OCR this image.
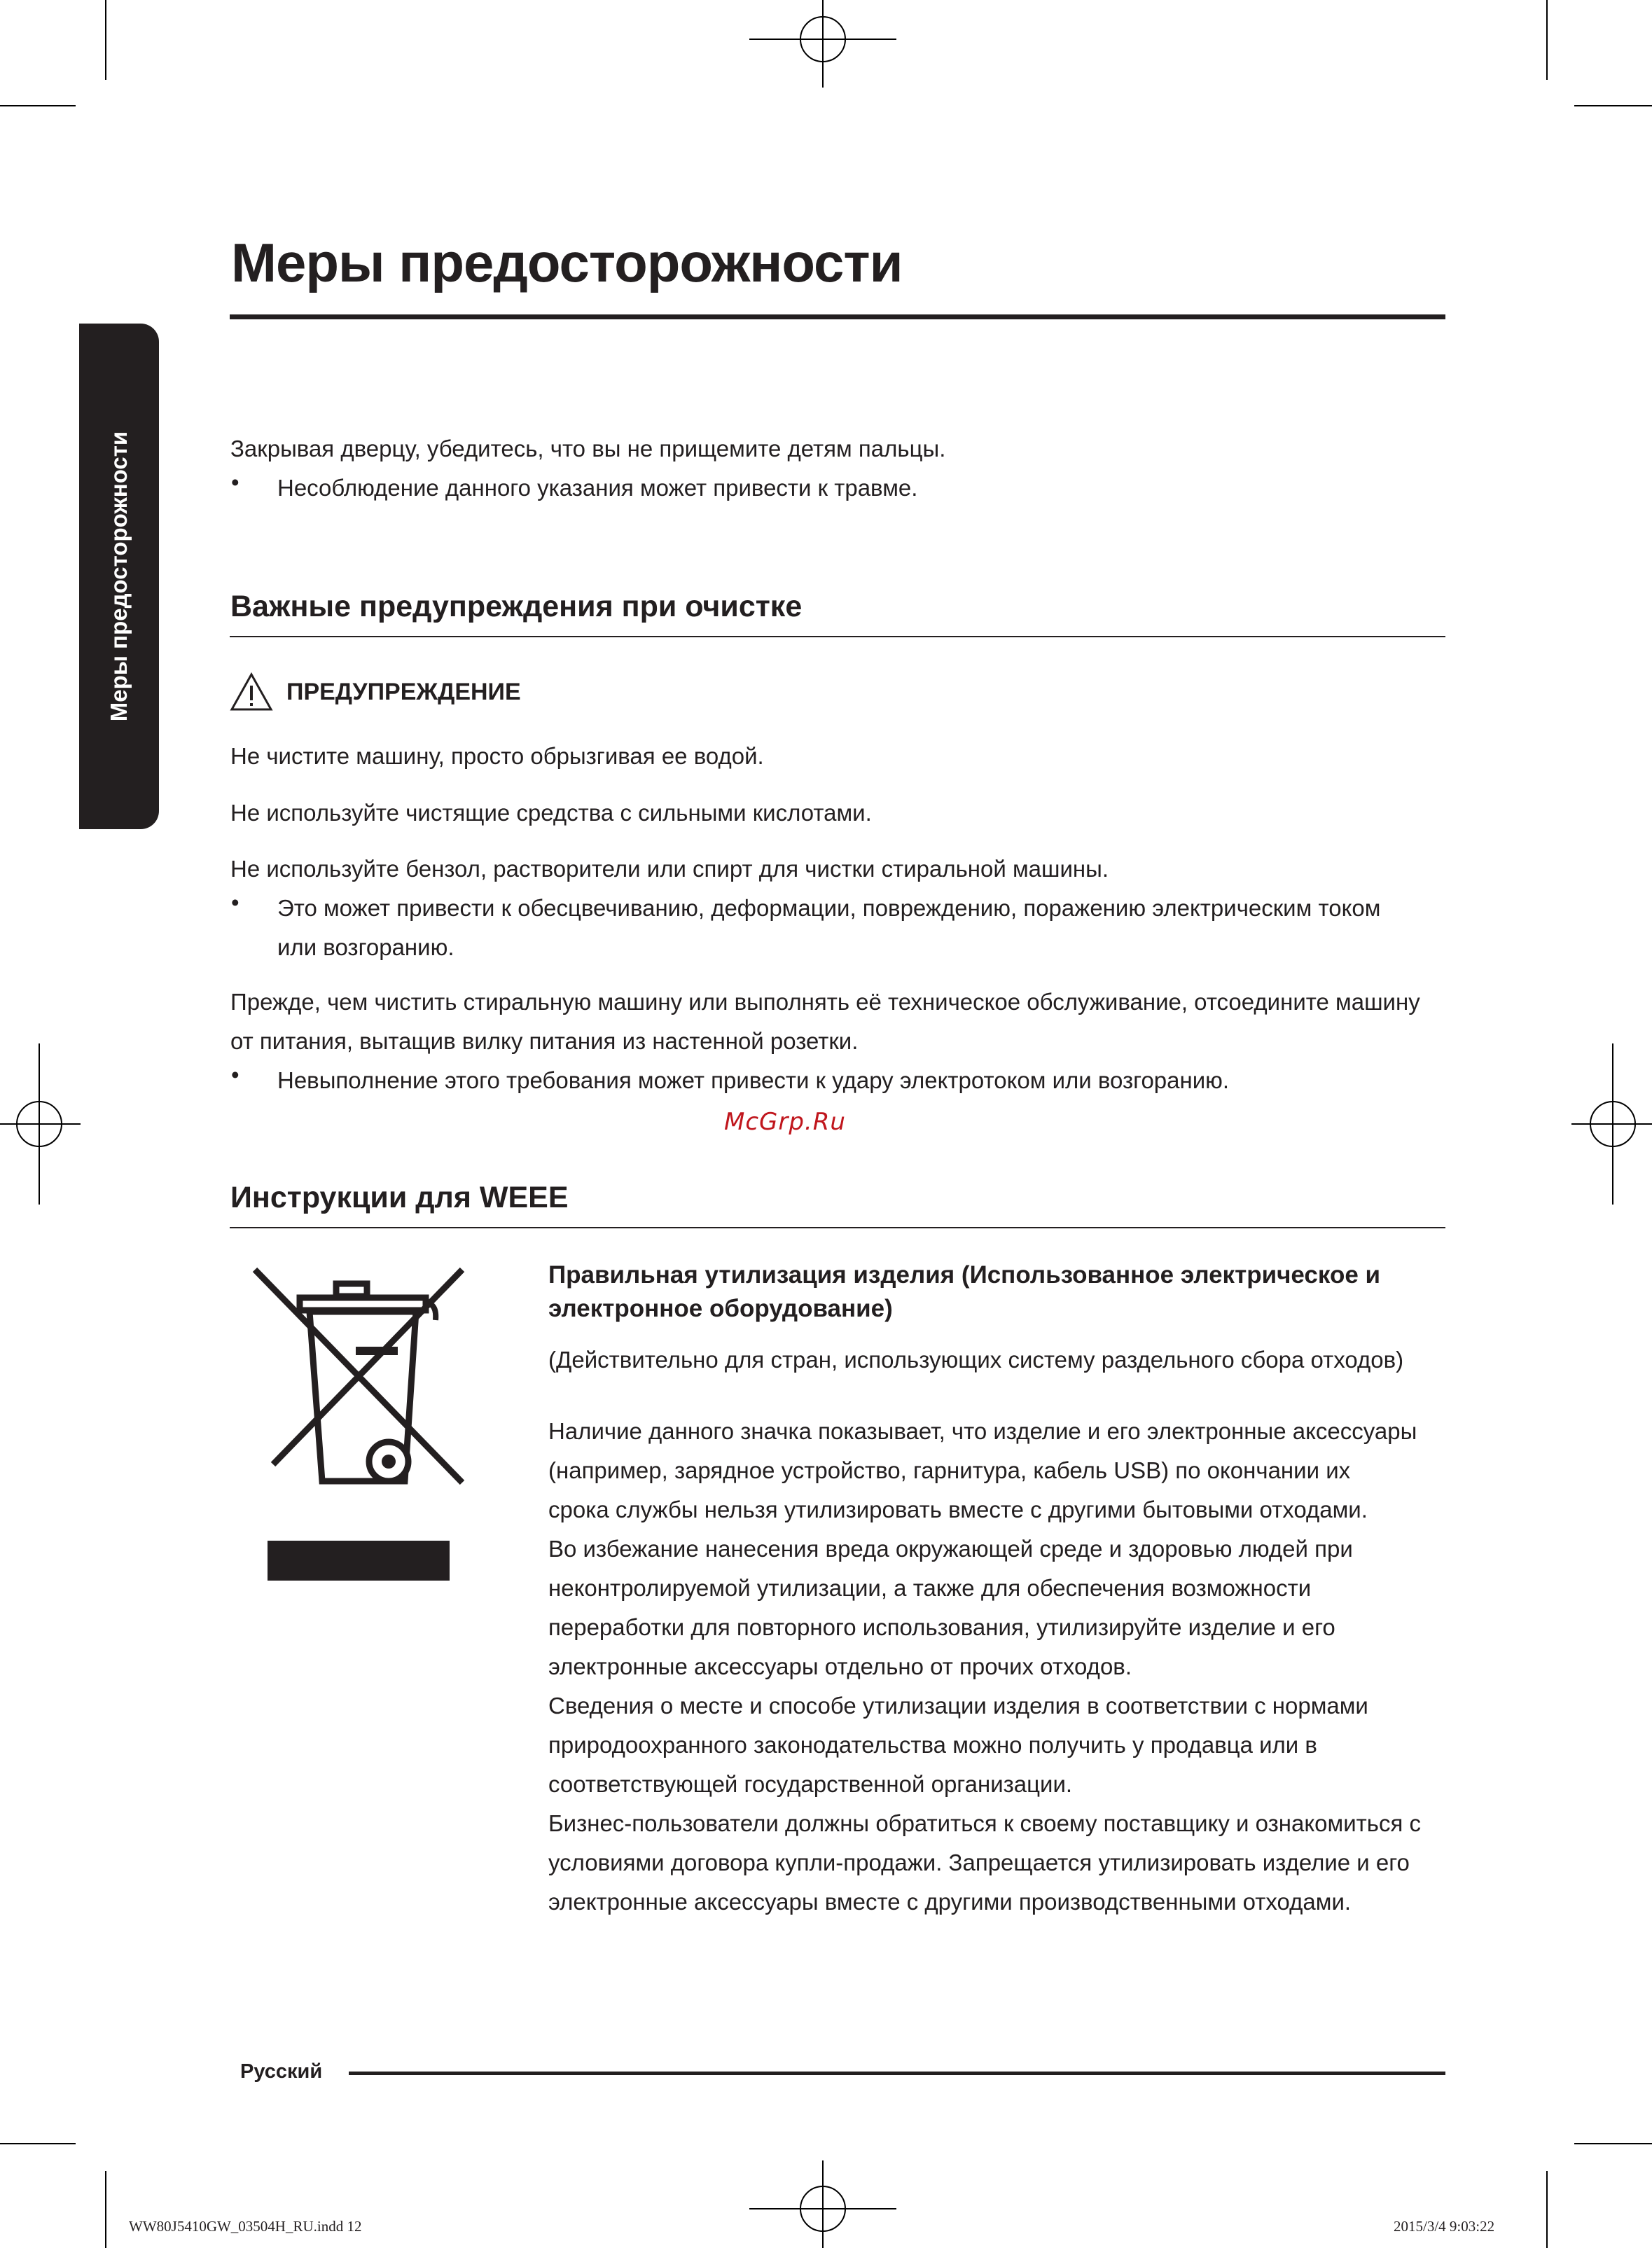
Меры предосторожности
Меры предосторожности
Закрывая дверцу, убедитесь, что вы не прищемите детям пальцы.
• Несоблюдение данного указания может привести к травме.
Важные предупреждения при очистке
ПРЕДУПРЕЖДЕНИЕ
Не чистите машину, просто обрызгивая ее водой.
Не используйте чистящие средства с сильными кислотами.
Не используйте бензол, растворители или спирт для чистки стиральной машины.
• Это может привести к обесцвечиванию, деформации, повреждению, поражению электрическим током
или возгоранию.
Прежде, чем чистить стиральную машину или выполнять её техническое обслуживание, отсоедините машину
от питания, вытащив вилку питания из настенной розетки.
• Невыполнение этого требования может привести к удару электротоком или возгоранию.
McGrp.Ru
Инструкции для WEEE
Правильная утилизация изделия (Использованное электрическое и
электронное оборудование)
(Действительно для стран, использующих систему раздельного сбора отходов)
Наличие данного значка показывает, что изделие и его электронные аксессуары
(например, зарядное устройство, гарнитура, кабель USB) по окончании их
срока службы нельзя утилизировать вместе с другими бытовыми отходами.
Во избежание нанесения вреда окружающей среде и здоровью людей при
неконтролируемой утилизации, а также для обеспечения возможности
переработки для повторного использования, утилизируйте изделие и его
электронные аксессуары отдельно от прочих отходов.
Сведения о месте и способе утилизации изделия в соответствии с нормами
природоохранного законодательства можно получить у продавца или в
соответствующей государственной организации.
Бизнес-пользователи должны обратиться к своему поставщику и ознакомиться с
условиями договора купли-продажи. Запрещается утилизировать изделие и его
электронные аксессуары вместе с другими производственными отходами.
Русский
WW80J5410GW_03504H_RU.indd 12	2015/3/4 9:03:22
